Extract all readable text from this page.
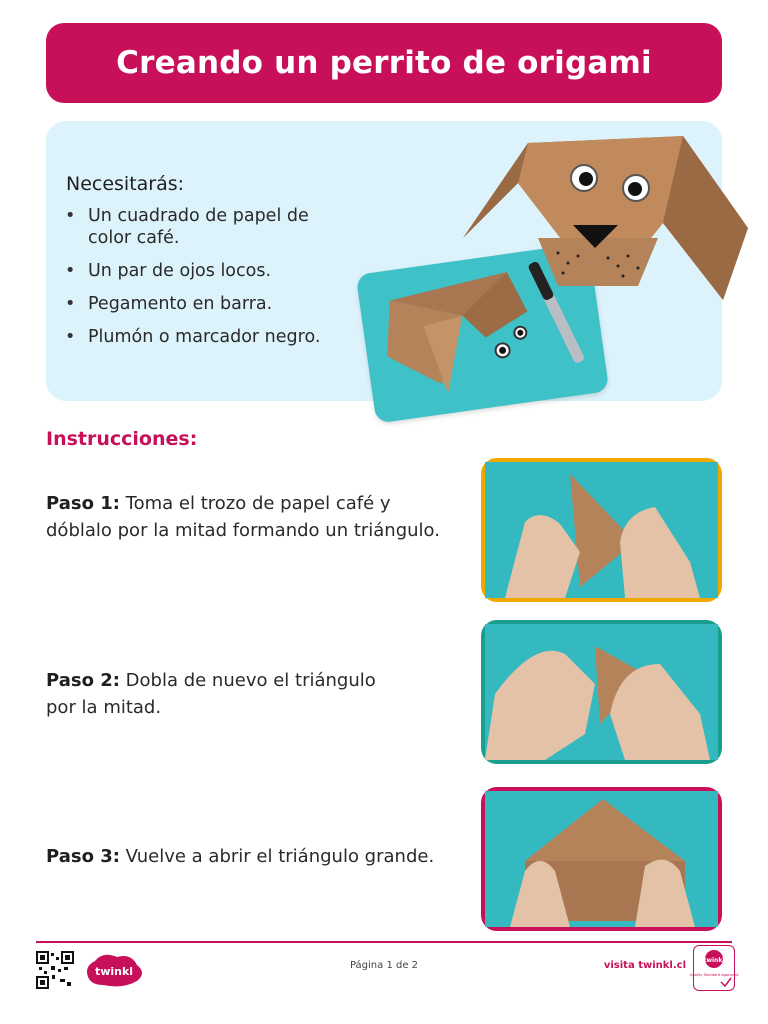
Creando un perrito de origami
Necesitarás:
• Un cuadrado de papel de color café.
• Un par de ojos locos.
• Pegamento en barra.
• Plumón o marcador negro.
Instrucciones:

Paso 1: Toma el trozo de papel café y dóblalo por la mitad formando un triángulo.

Paso 2: Dobla de nuevo el triángulo por la mitad.

Paso 3: Vuelve a abrir el triángulo grande.

twinkl	Página 1 de 2	visita twinkl.cl	twinkl
Quality Standard Approved
